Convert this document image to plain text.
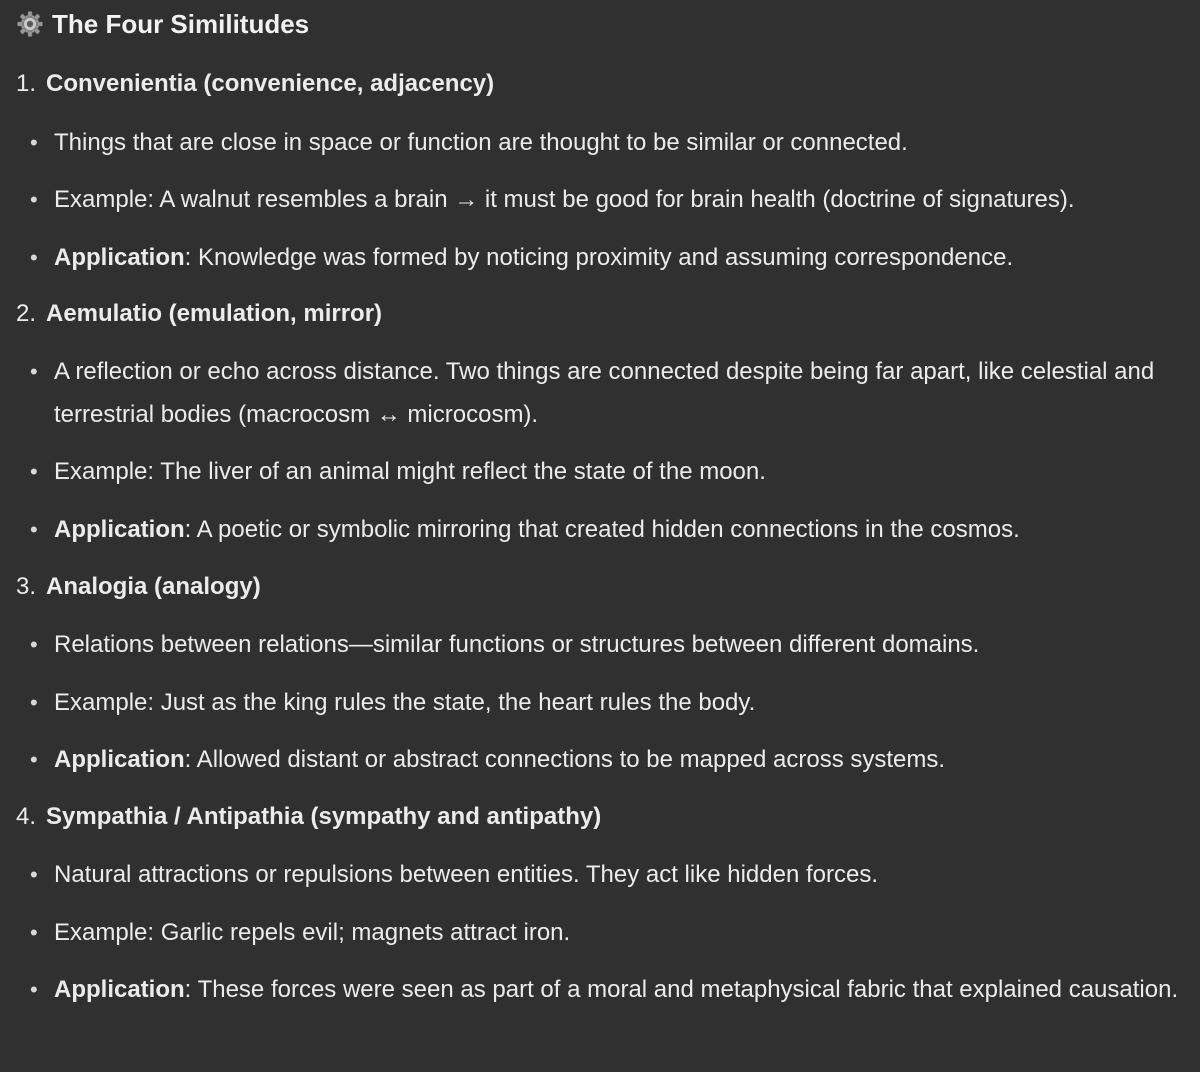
The Four Similitudes
1. Convenientia (convenience, adjacency)
• Things that are close in space or function are thought to be similar or connected.
• Example: A walnut resembles a brain → it must be good for brain health (doctrine of signatures).
• Application: Knowledge was formed by noticing proximity and assuming correspondence.
2. Aemulatio (emulation, mirror)
• A reflection or echo across distance. Two things are connected despite being far apart, like celestial and terrestrial bodies (macrocosm ↔ microcosm).
• Example: The liver of an animal might reflect the state of the moon.
• Application: A poetic or symbolic mirroring that created hidden connections in the cosmos.
3. Analogia (analogy)
• Relations between relations—similar functions or structures between different domains.
• Example: Just as the king rules the state, the heart rules the body.
• Application: Allowed distant or abstract connections to be mapped across systems.
4. Sympathia / Antipathia (sympathy and antipathy)
• Natural attractions or repulsions between entities. They act like hidden forces.
• Example: Garlic repels evil; magnets attract iron.
• Application: These forces were seen as part of a moral and metaphysical fabric that explained causation.
